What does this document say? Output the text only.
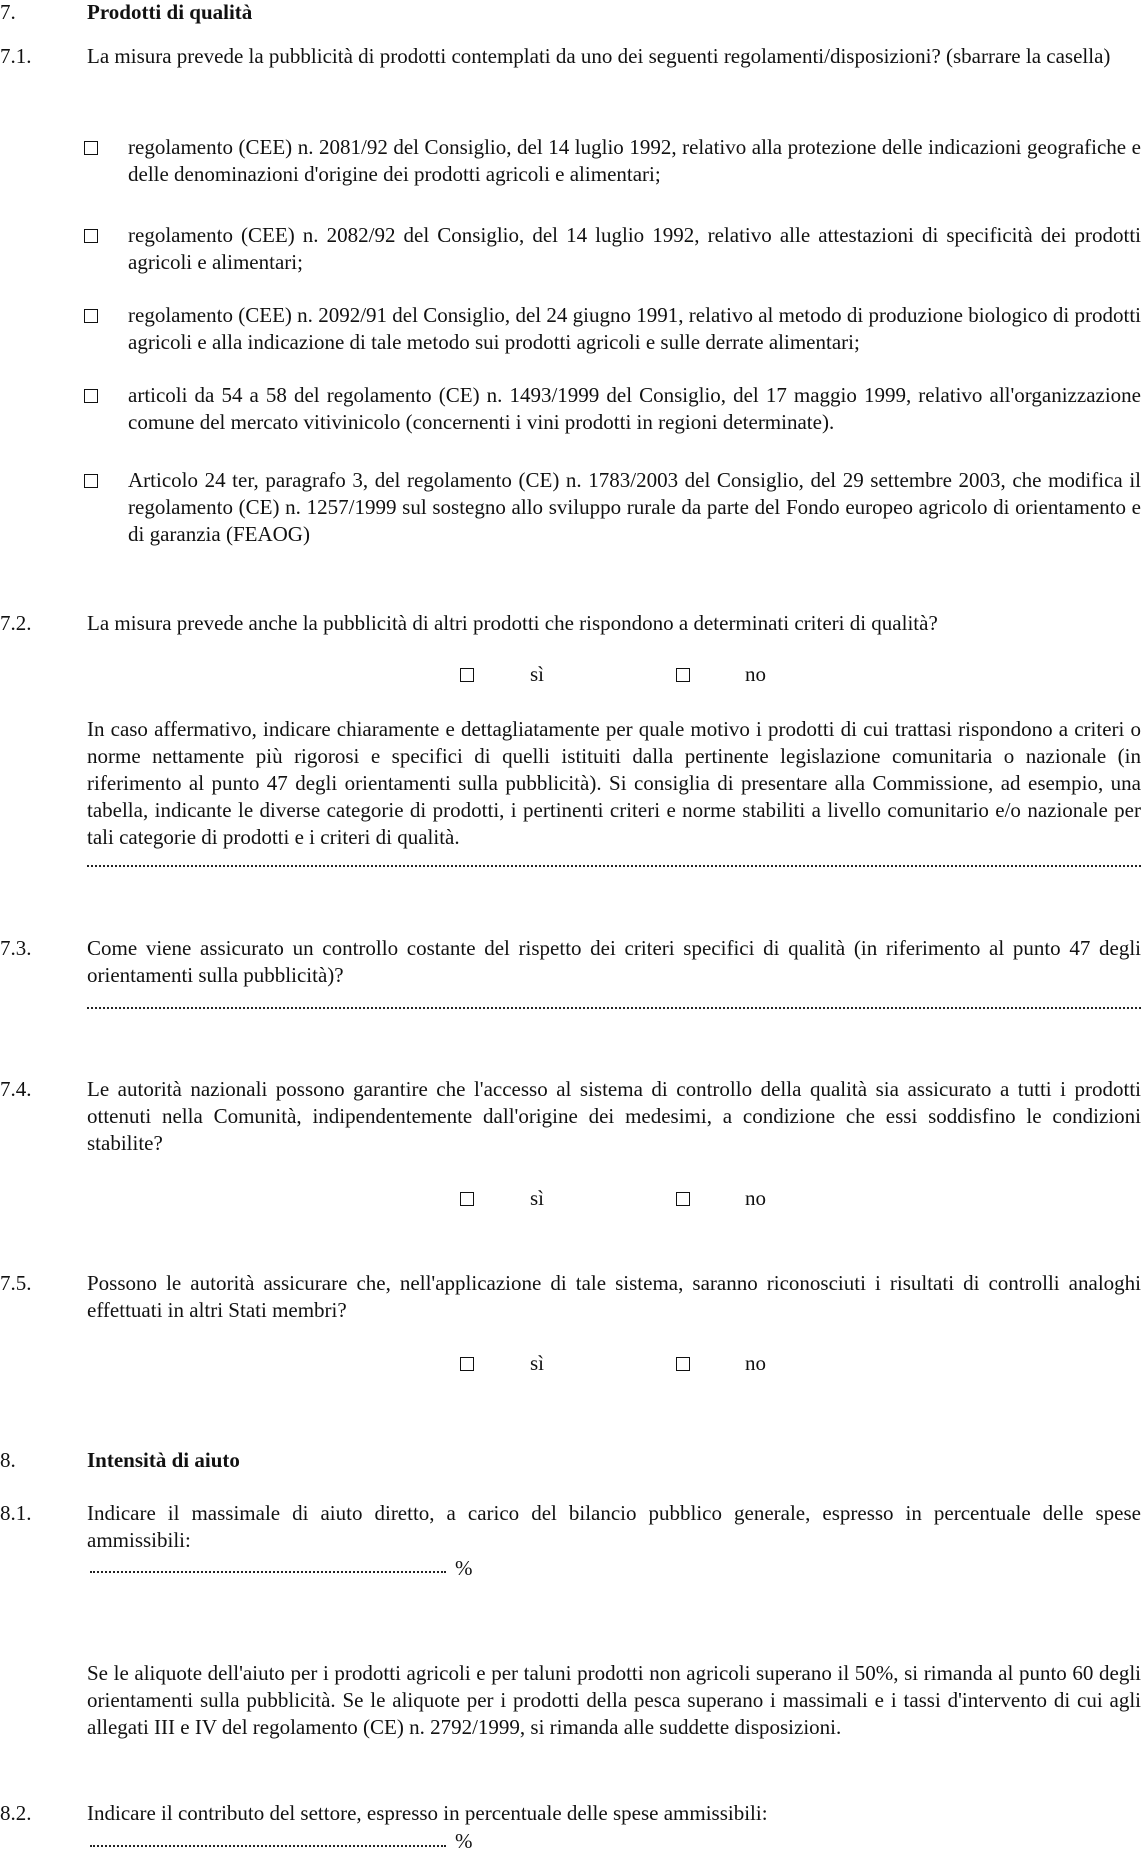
7.	Prodotti di qualità
7.1.	La misura prevede la pubblicità di prodotti contemplati da uno dei seguenti regolamenti/disposizioni? (sbarrare la casella)
regolamento (CEE) n. 2081/92 del Consiglio, del 14 luglio 1992, relativo alla protezione delle indicazioni geografiche e delle denominazioni d'origine dei prodotti agricoli e alimentari;
regolamento (CEE) n. 2082/92 del Consiglio, del 14 luglio 1992, relativo alle attestazioni di specificità dei prodotti agricoli e alimentari;
regolamento (CEE) n. 2092/91 del Consiglio, del 24 giugno 1991, relativo al metodo di produzione biologico di prodotti agricoli e alla indicazione di tale metodo sui prodotti agricoli e sulle derrate alimentari;
articoli da 54 a 58 del regolamento (CE) n. 1493/1999 del Consiglio, del 17 maggio 1999, relativo all'organizzazione comune del mercato vitivinicolo (concernenti i vini prodotti in regioni determinate).
Articolo 24 ter, paragrafo 3, del regolamento (CE) n. 1783/2003 del Consiglio, del 29 settembre 2003, che modifica il regolamento (CE) n. 1257/1999 sul sostegno allo sviluppo rurale da parte del Fondo europeo agricolo di orientamento e di garanzia (FEAOG)
7.2.	La misura prevede anche la pubblicità di altri prodotti che rispondono a determinati criteri di qualità?
sì	no
In caso affermativo, indicare chiaramente e dettagliatamente per quale motivo i prodotti di cui trattasi rispondono a criteri o norme nettamente più rigorosi e specifici di quelli istituiti dalla pertinente legislazione comunitaria o nazionale (in riferimento al punto 47 degli orientamenti sulla pubblicità). Si consiglia di presentare alla Commissione, ad esempio, una tabella, indicante le diverse categorie di prodotti, i pertinenti criteri e norme stabiliti a livello comunitario e/o nazionale per tali categorie di prodotti e i criteri di qualità.
7.3.	Come viene assicurato un controllo costante del rispetto dei criteri specifici di qualità (in riferimento al punto 47 degli orientamenti sulla pubblicità)?
7.4.	Le autorità nazionali possono garantire che l'accesso al sistema di controllo della qualità sia assicurato a tutti i prodotti ottenuti nella Comunità, indipendentemente dall'origine dei medesimi, a condizione che essi soddisfino le condizioni stabilite?
sì	no
7.5.	Possono le autorità assicurare che, nell'applicazione di tale sistema, saranno riconosciuti i risultati di controlli analoghi effettuati in altri Stati membri?
sì	no
8.	Intensità di aiuto
8.1.	Indicare il massimale di aiuto diretto, a carico del bilancio pubblico generale, espresso in percentuale delle spese ammissibili:
%
Se le aliquote dell'aiuto per i prodotti agricoli e per taluni prodotti non agricoli superano il 50%, si rimanda al punto 60 degli orientamenti sulla pubblicità. Se le aliquote per i prodotti della pesca superano i massimali e i tassi d'intervento di cui agli allegati III e IV del regolamento (CE) n. 2792/1999, si rimanda alle suddette disposizioni.
8.2.	Indicare il contributo del settore, espresso in percentuale delle spese ammissibili:
%
